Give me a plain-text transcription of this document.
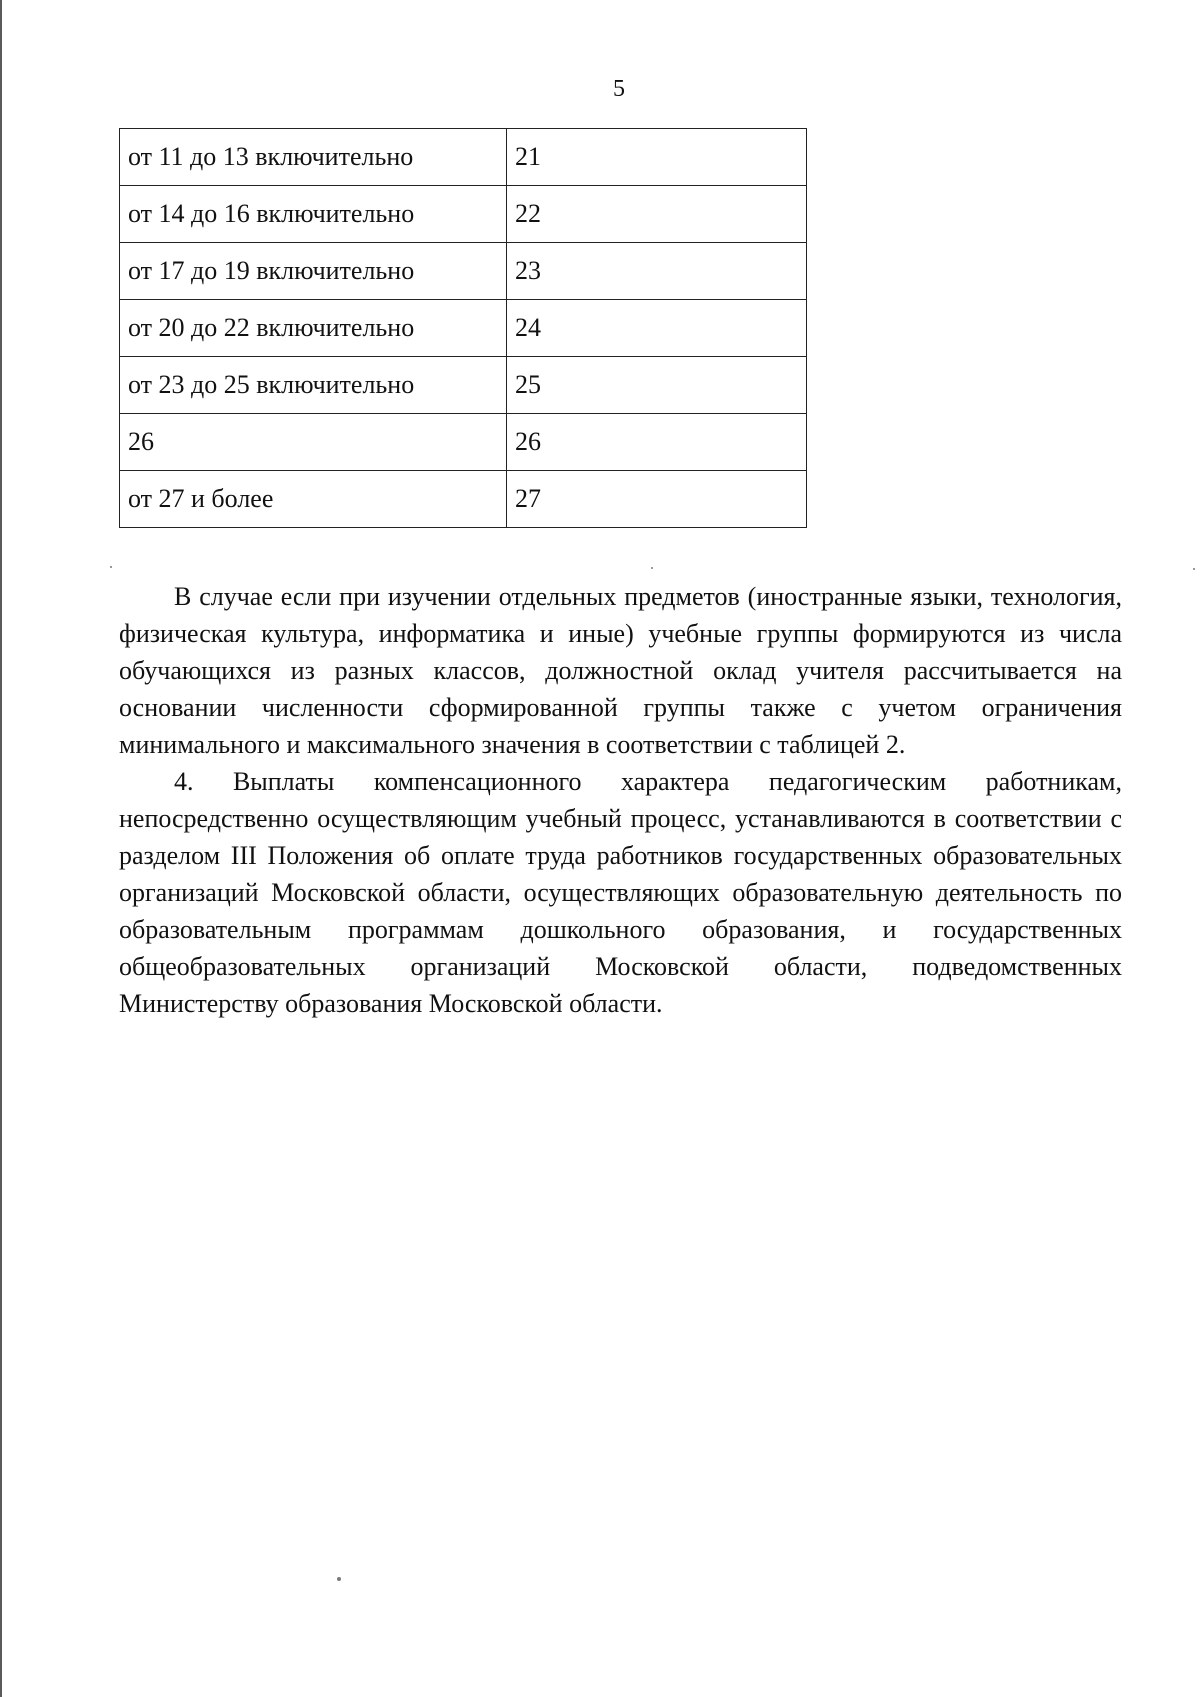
5
от 11 до 13 включительно	21
от 14 до 16 включительно	22
от 17 до 19 включительно	23
от 20 до 22 включительно	24
от 23 до 25 включительно	25
26	26
от 27 и более	27

В случае если при изучении отдельных предметов (иностранные языки, технология, физическая культура, информатика и иные) учебные группы формируются из числа обучающихся из разных классов, должностной оклад учителя рассчитывается на основании численности сформированной группы также с учетом ограничения минимального и максимального значения в соответствии с таблицей 2.

4. Выплаты компенсационного характера педагогическим работникам, непосредственно осуществляющим учебный процесс, устанавливаются в соответствии с разделом III Положения об оплате труда работников государственных образовательных организаций Московской области, осуществляющих образовательную деятельность по образовательным программам дошкольного образования, и государственных общеобразовательных организаций Московской области, подведомственных Министерству образования Московской области.
